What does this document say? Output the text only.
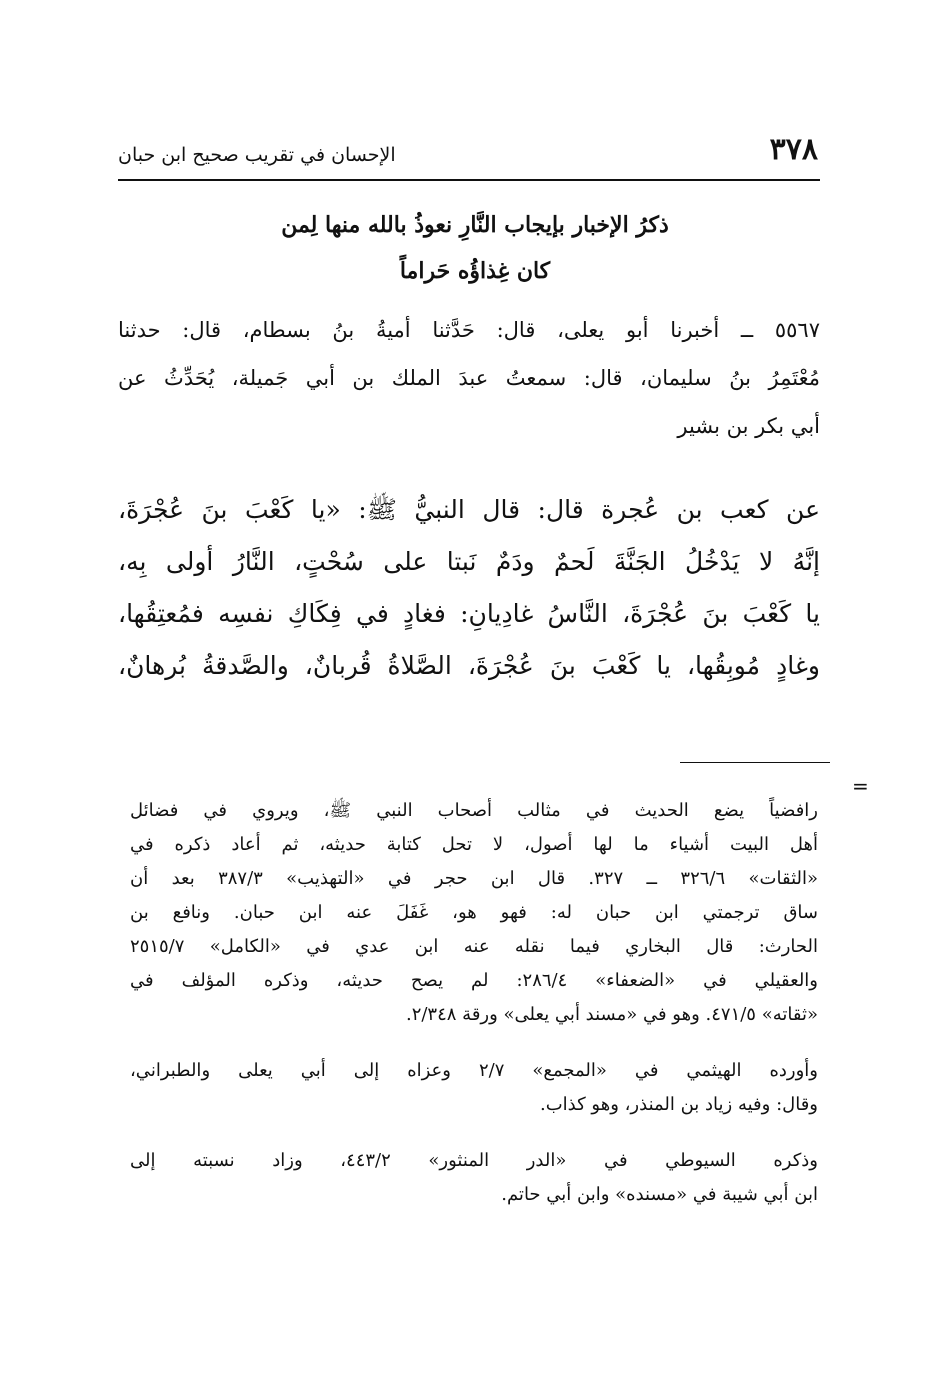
٣٧٨
الإحسان في تقريب صحيح ابن حبان
ذكرُ الإخبار بإيجاب النَّارِ نعوذُ بالله منها لِمن
كان غِذاؤُه حَراماً
٥٥٦٧ ــ أخبرنا أبو يعلى، قال: حَدَّثنا أميةُ بنُ بسطام، قال: حدثنا
مُعْتَمِرُ بنُ سليمان، قال: سمعتُ عبدَ الملك بن أبي جَميلة، يُحَدِّثُ عن
أبي بكر بن بشير
عن كعب بن عُجرة قال: قال النبيُّ ﷺ: «يا كَعْبَ بنَ عُجْرَةَ،
إنَّهُ لا يَدْخُلُ الجَنَّةَ لَحمٌ ودَمٌ نَبتا على سُحْتٍ، النَّارُ أولى بِه،
يا كَعْبَ بنَ عُجْرَةَ، النَّاسُ غادِيانِ: فغادٍ في فِكَاكِ نفسِه فمُعتِقُها،
وغادٍ مُوبِقُها، يا كَعْبَ بنَ عُجْرَةَ، الصَّلاةُ قُربانٌ، والصَّدقةُ بُرهانٌ،
=
رافضياً يضع الحديث في مثالب أصحاب النبي ﷺ، ويروي في فضائل
أهل البيت أشياء ما لها أصول، لا تحل كتابة حديثه، ثم أعاد ذكره في
«الثقات» ٣٢٦/٦ ــ ٣٢٧. قال ابن حجر في «التهذيب» ٣٨٧/٣ بعد أن
ساق ترجمتي ابن حبان له: فهو هو، غَفَلَ عنه ابن حبان. ونافع بن
الحارث: قال البخاري فيما نقله عنه ابن عدي في «الكامل» ٢٥١٥/٧
والعقيلي في «الضعفاء» ٢٨٦/٤: لم يصح حديثه، وذكره المؤلف في
«ثقاته» ٤٧١/٥. وهو في «مسند أبي يعلى» ورقة ٢/٣٤٨.
وأورده الهيثمي في «المجمع» ٢/٧ وعزاه إلى أبي يعلى والطبراني،
وقال: وفيه زياد بن المنذر، وهو كذاب.
وذكره السيوطي في «الدر المنثور» ٤٤٣/٢، وزاد نسبته إلى
ابن أبي شيبة في «مسنده» وابن أبي حاتم.
